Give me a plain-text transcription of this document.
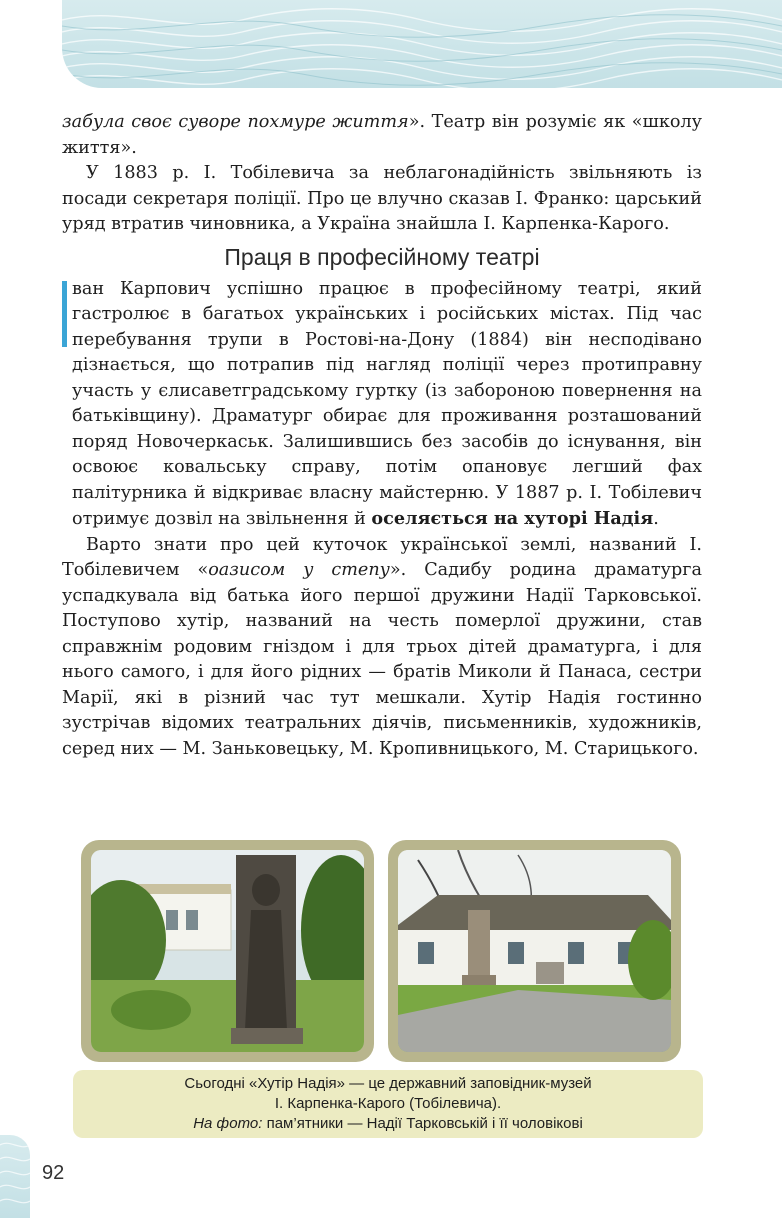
забула своє суворе похмуре життя». Театр він розуміє як «школу життя».

У 1883 р. І. Тобілевича за неблагонадійність звільняють із посади секретаря поліції. Про це влучно сказав І. Франко: царський уряд втратив чиновника, а Україна знайшла І. Карпенка-Карого.

Праця в професійному театрі

ван Карпович успішно працює в професійному театрі, який гастролює в багатьох українських і російських містах. Під час перебування трупи в Ростові-на-Дону (1884) він несподівано дізнається, що потрапив під нагляд поліції через протиправну участь у єлисаветградському гуртку (із забороною повернення на батьківщину). Драматург обирає для проживання розташований поряд Новочеркаськ. Залишившись без засобів до існування, він освоює ковальську справу, потім опановує легший фах палітурника й відкриває власну майстерню. У 1887 р. І. Тобілевич отримує дозвіл на звільнення й оселяється на хуторі Надія.

Варто знати про цей куточок української землі, названий І. Тобілевичем «оазисом у степу». Садибу родина драматурга успадкувала від батька його першої дружини Надії Тарковської. Поступово хутір, названий на честь померлої дружини, став справжнім родовим гніздом і для трьох дітей драматурга, і для нього самого, і для його рідних — братів Миколи й Панаса, сестри Марії, які в різний час тут мешкали. Хутір Надія гостинно зустрічав відомих театральних діячів, письменників, художників, серед них — М. Заньковецьку, М. Кропивницького, М. Старицького.

Сьогодні «Хутір Надія» — це державний заповідник-музей
І. Карпенка-Карого (Тобілевича).
На фото: пам’ятники — Надії Тарковській і її чоловікові
92
